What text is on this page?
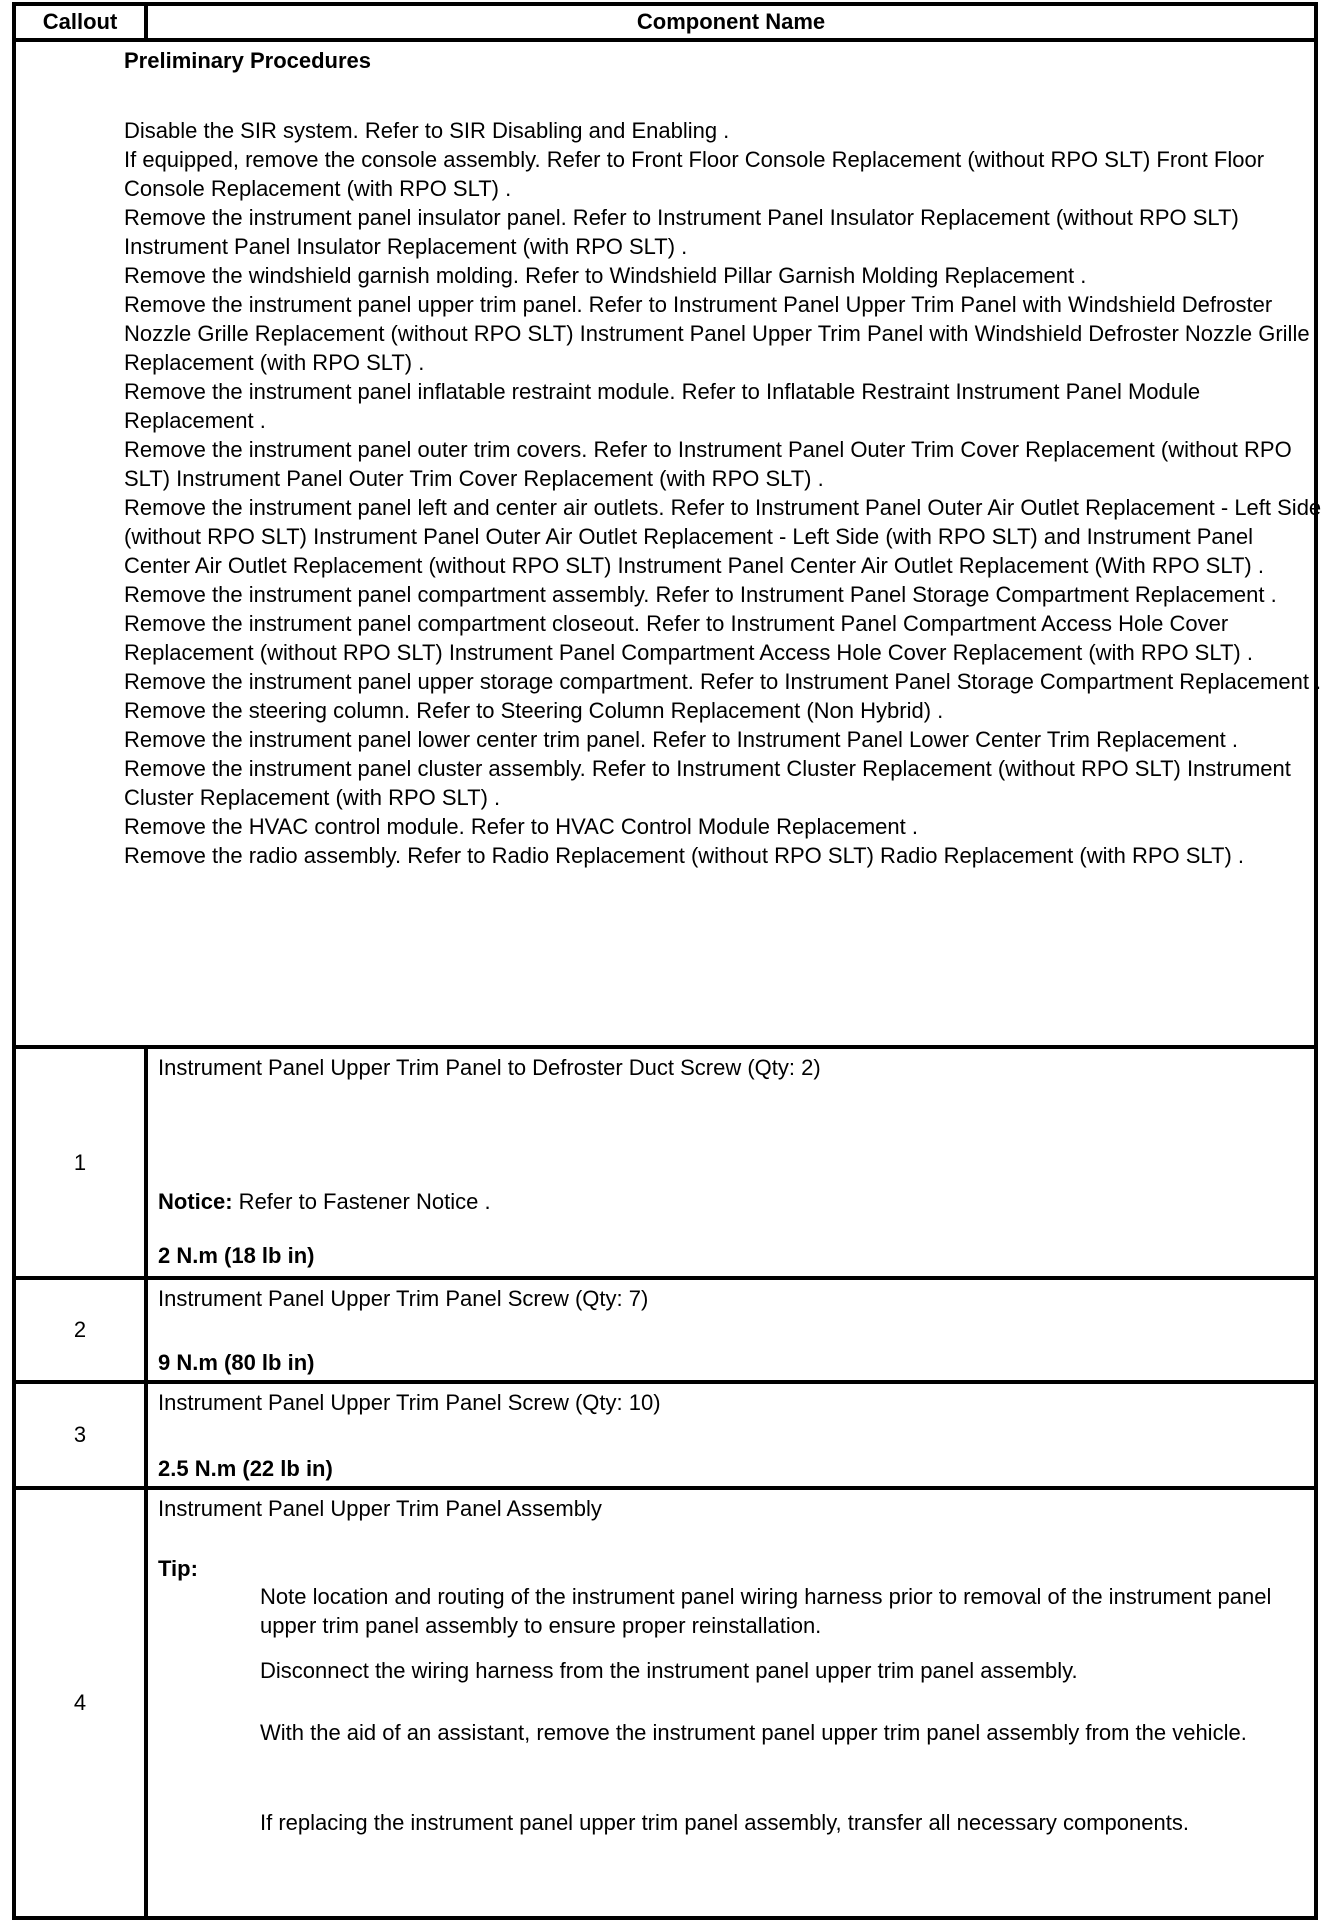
Callout	Component Name
Preliminary Procedures
Disable the SIR system. Refer to SIR Disabling and Enabling .
If equipped, remove the console assembly. Refer to Front Floor Console Replacement (without RPO SLT) Front Floor Console Replacement (with RPO SLT) .
Remove the instrument panel insulator panel. Refer to Instrument Panel Insulator Replacement (without RPO SLT) Instrument Panel Insulator Replacement (with RPO SLT) .
Remove the windshield garnish molding. Refer to Windshield Pillar Garnish Molding Replacement .
Remove the instrument panel upper trim panel. Refer to Instrument Panel Upper Trim Panel with Windshield Defroster Nozzle Grille Replacement (without RPO SLT) Instrument Panel Upper Trim Panel with Windshield Defroster Nozzle Grille Replacement (with RPO SLT) .
Remove the instrument panel inflatable restraint module. Refer to Inflatable Restraint Instrument Panel Module Replacement .
Remove the instrument panel outer trim covers. Refer to Instrument Panel Outer Trim Cover Replacement (without RPO SLT) Instrument Panel Outer Trim Cover Replacement (with RPO SLT) .
Remove the instrument panel left and center air outlets. Refer to Instrument Panel Outer Air Outlet Replacement - Left Side (without RPO SLT) Instrument Panel Outer Air Outlet Replacement - Left Side (with RPO SLT) and Instrument Panel Center Air Outlet Replacement (without RPO SLT) Instrument Panel Center Air Outlet Replacement (With RPO SLT) .
Remove the instrument panel compartment assembly. Refer to Instrument Panel Storage Compartment Replacement .
Remove the instrument panel compartment closeout. Refer to Instrument Panel Compartment Access Hole Cover Replacement (without RPO SLT) Instrument Panel Compartment Access Hole Cover Replacement (with RPO SLT) .
Remove the instrument panel upper storage compartment. Refer to Instrument Panel Storage Compartment Replacement .
Remove the steering column. Refer to Steering Column Replacement (Non Hybrid) .
Remove the instrument panel lower center trim panel. Refer to Instrument Panel Lower Center Trim Replacement .
Remove the instrument panel cluster assembly. Refer to Instrument Cluster Replacement (without RPO SLT) Instrument Cluster Replacement (with RPO SLT) .
Remove the HVAC control module. Refer to HVAC Control Module Replacement .
Remove the radio assembly. Refer to Radio Replacement (without RPO SLT) Radio Replacement (with RPO SLT) .
1
Instrument Panel Upper Trim Panel to Defroster Duct Screw (Qty: 2)
Notice: Refer to Fastener Notice .
2 N.m (18 lb in)
2
Instrument Panel Upper Trim Panel Screw (Qty: 7)
9 N.m (80 lb in)
3
Instrument Panel Upper Trim Panel Screw (Qty: 10)
2.5 N.m (22 lb in)
4
Instrument Panel Upper Trim Panel Assembly
Tip:
Note location and routing of the instrument panel wiring harness prior to removal of the instrument panel upper trim panel assembly to ensure proper reinstallation.
Disconnect the wiring harness from the instrument panel upper trim panel assembly.
With the aid of an assistant, remove the instrument panel upper trim panel assembly from the vehicle.
If replacing the instrument panel upper trim panel assembly, transfer all necessary components.
